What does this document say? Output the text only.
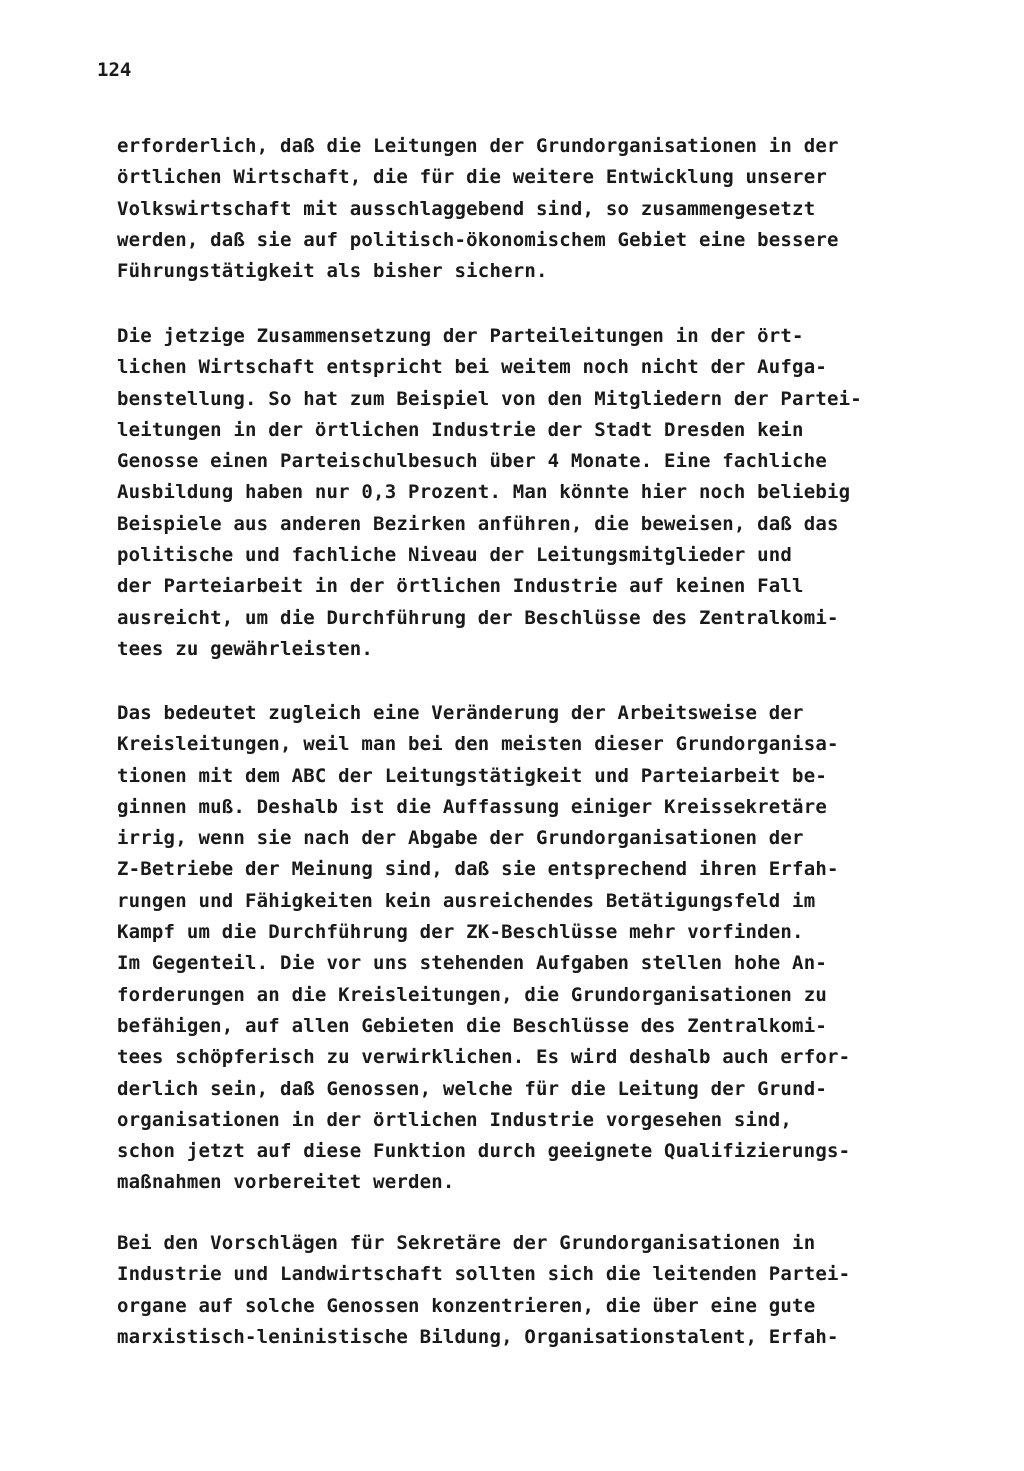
124

erforderlich, daß die Leitungen der Grundorganisationen in der
örtlichen Wirtschaft, die für die weitere Entwicklung unserer
Volkswirtschaft mit ausschlaggebend sind, so zusammengesetzt
werden, daß sie auf politisch-ökonomischem Gebiet eine bessere
Führungstätigkeit als bisher sichern.

Die jetzige Zusammensetzung der Parteileitungen in der ört-
lichen Wirtschaft entspricht bei weitem noch nicht der Aufga-
benstellung. So hat zum Beispiel von den Mitgliedern der Partei-
leitungen in der örtlichen Industrie der Stadt Dresden kein
Genosse einen Parteischulbesuch über 4 Monate. Eine fachliche
Ausbildung haben nur 0,3 Prozent. Man könnte hier noch beliebig
Beispiele aus anderen Bezirken anführen, die beweisen, daß das
politische und fachliche Niveau der Leitungsmitglieder und
der Parteiarbeit in der örtlichen Industrie auf keinen Fall
ausreicht, um die Durchführung der Beschlüsse des Zentralkomi-
tees zu gewährleisten.

Das bedeutet zugleich eine Veränderung der Arbeitsweise der
Kreisleitungen, weil man bei den meisten dieser Grundorganisa-
tionen mit dem ABC der Leitungstätigkeit und Parteiarbeit be-
ginnen muß. Deshalb ist die Auffassung einiger Kreissekretäre
irrig, wenn sie nach der Abgabe der Grundorganisationen der
Z-Betriebe der Meinung sind, daß sie entsprechend ihren Erfah-
rungen und Fähigkeiten kein ausreichendes Betätigungsfeld im
Kampf um die Durchführung der ZK-Beschlüsse mehr vorfinden.
Im Gegenteil. Die vor uns stehenden Aufgaben stellen hohe An-
forderungen an die Kreisleitungen, die Grundorganisationen zu
befähigen, auf allen Gebieten die Beschlüsse des Zentralkomi-
tees schöpferisch zu verwirklichen. Es wird deshalb auch erfor-
derlich sein, daß Genossen, welche für die Leitung der Grund-
organisationen in der örtlichen Industrie vorgesehen sind,
schon jetzt auf diese Funktion durch geeignete Qualifizierungs-
maßnahmen vorbereitet werden.

Bei den Vorschlägen für Sekretäre der Grundorganisationen in
Industrie und Landwirtschaft sollten sich die leitenden Partei-
organe auf solche Genossen konzentrieren, die über eine gute
marxistisch-leninistische Bildung, Organisationstalent, Erfah-
